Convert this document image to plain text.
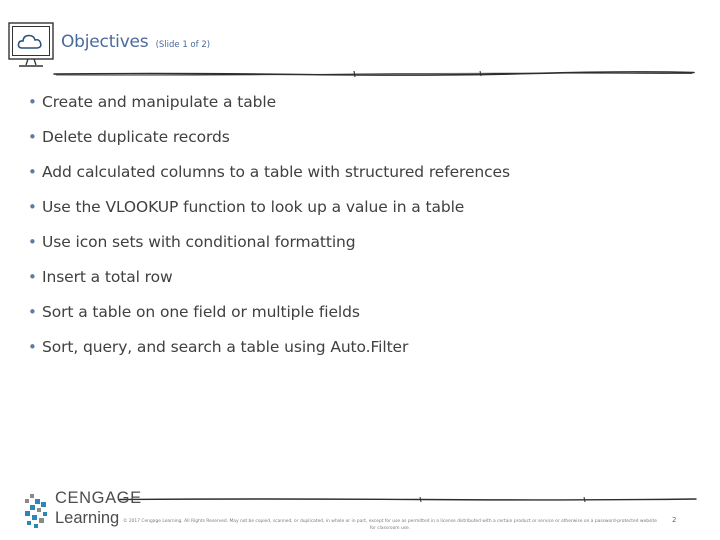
Objectives (Slide 1 of 2)
• Create and manipulate a table
• Delete duplicate records
• Add calculated columns to a table with structured references
• Use the VLOOKUP function to look up a value in a table
• Use icon sets with conditional formatting
• Insert a total row
• Sort a table on one field or multiple fields
• Sort, query, and search a table using Auto.Filter
CENGAGE
Learning © 2017 Cengage Learning. All Rights Reserved. May not be copied, scanned, or duplicated, in whole or in part, except for use as permitted in a license distributed with a certain product or service or otherwise on a password-protected website for classroom use.
2
